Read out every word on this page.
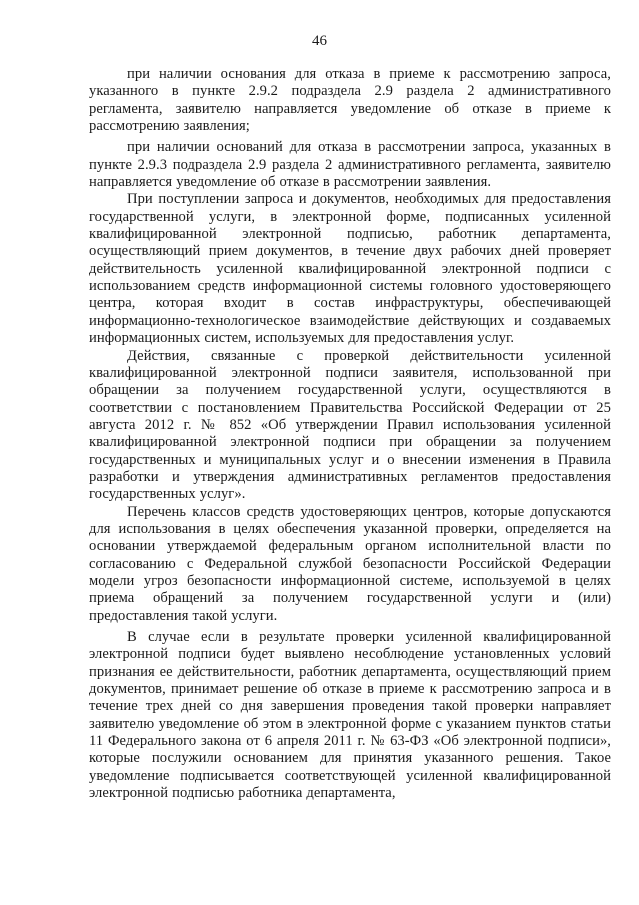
46

при наличии основания для отказа в приеме к рассмотрению запроса, указанного в пункте 2.9.2 подраздела 2.9 раздела 2 административного регламента, заявителю направляется уведомление об отказе в приеме к рассмотрению заявления;

при наличии оснований для отказа в рассмотрении запроса, указанных в пункте 2.9.3 подраздела 2.9 раздела 2 административного регламента, заявителю направляется уведомление об отказе в рассмотрении заявления.

При поступлении запроса и документов, необходимых для предоставления государственной услуги, в электронной форме, подписанных усиленной квалифицированной электронной подписью, работник департамента, осуществляющий прием документов, в течение двух рабочих дней проверяет действительность усиленной квалифицированной электронной подписи с использованием средств информационной системы головного удостоверяющего центра, которая входит в состав инфраструктуры, обеспечивающей информационно-технологическое взаимодействие действующих и создаваемых информационных систем, используемых для предоставления услуг.

Действия, связанные с проверкой действительности усиленной квалифицированной электронной подписи заявителя, использованной при обращении за получением государственной услуги, осуществляются в соответствии с постановлением Правительства Российской Федерации от 25 августа 2012 г. № 852 «Об утверждении Правил использования усиленной квалифицированной электронной подписи при обращении за получением государственных и муниципальных услуг и о внесении изменения в Правила разработки и утверждения административных регламентов предоставления государственных услуг».

Перечень классов средств удостоверяющих центров, которые допускаются для использования в целях обеспечения указанной проверки, определяется на основании утверждаемой федеральным органом исполнительной власти по согласованию с Федеральной службой безопасности Российской Федерации модели угроз безопасности информационной системе, используемой в целях приема обращений за получением государственной услуги и (или) предоставления такой услуги.

В случае если в результате проверки усиленной квалифицированной электронной подписи будет выявлено несоблюдение установленных условий признания ее действительности, работник департамента, осуществляющий прием документов, принимает решение об отказе в приеме к рассмотрению запроса и в течение трех дней со дня завершения проведения такой проверки направляет заявителю уведомление об этом в электронной форме с указанием пунктов статьи 11 Федерального закона от 6 апреля 2011 г. № 63-ФЗ «Об электронной подписи», которые послужили основанием для принятия указанного решения. Такое уведомление подписывается соответствующей усиленной квалифицированной электронной подписью работника департамента,
